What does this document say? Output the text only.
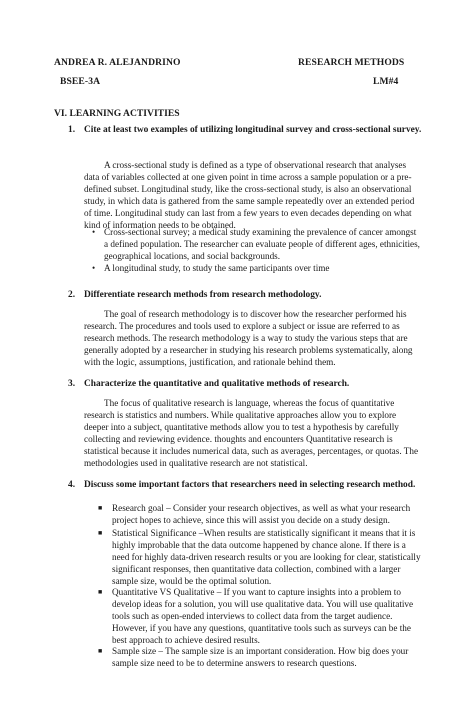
ANDREA R. ALEJANDRINO	RESEARCH METHODS
BSEE-3A	LM#4
VI. LEARNING ACTIVITIES
1. Cite at least two examples of utilizing longitudinal survey and cross-sectional survey.
A cross-sectional study is defined as a type of observational research that analyses data of variables collected at one given point in time across a sample population or a pre-defined subset. Longitudinal study, like the cross-sectional study, is also an observational study, in which data is gathered from the same sample repeatedly over an extended period of time. Longitudinal study can last from a few years to even decades depending on what kind of information needs to be obtained.
• Cross-sectional survey; a medical study examining the prevalence of cancer amongst a defined population. The researcher can evaluate people of different ages, ethnicities, geographical locations, and social backgrounds.
• A longitudinal study, to study the same participants over time
2. Differentiate research methods from research methodology.
The goal of research methodology is to discover how the researcher performed his research. The procedures and tools used to explore a subject or issue are referred to as research methods. The research methodology is a way to study the various steps that are generally adopted by a researcher in studying his research problems systematically, along with the logic, assumptions, justification, and rationale behind them.
3. Characterize the quantitative and qualitative methods of research.
The focus of qualitative research is language, whereas the focus of quantitative research is statistics and numbers. While qualitative approaches allow you to explore deeper into a subject, quantitative methods allow you to test a hypothesis by carefully collecting and reviewing evidence. thoughts and encounters Quantitative research is statistical because it includes numerical data, such as averages, percentages, or quotas. The methodologies used in qualitative research are not statistical.
4. Discuss some important factors that researchers need in selecting research method.
■ Research goal – Consider your research objectives, as well as what your research project hopes to achieve, since this will assist you decide on a study design.
■ Statistical Significance –When results are statistically significant it means that it is highly improbable that the data outcome happened by chance alone. If there is a need for highly data-driven research results or you are looking for clear, statistically significant responses, then quantitative data collection, combined with a larger sample size, would be the optimal solution.
■ Quantitative VS Qualitative – If you want to capture insights into a problem to develop ideas for a solution, you will use qualitative data. You will use qualitative tools such as open-ended interviews to collect data from the target audience. However, if you have any questions, quantitative tools such as surveys can be the best approach to achieve desired results.
■ Sample size – The sample size is an important consideration. How big does your sample size need to be to determine answers to research questions.
